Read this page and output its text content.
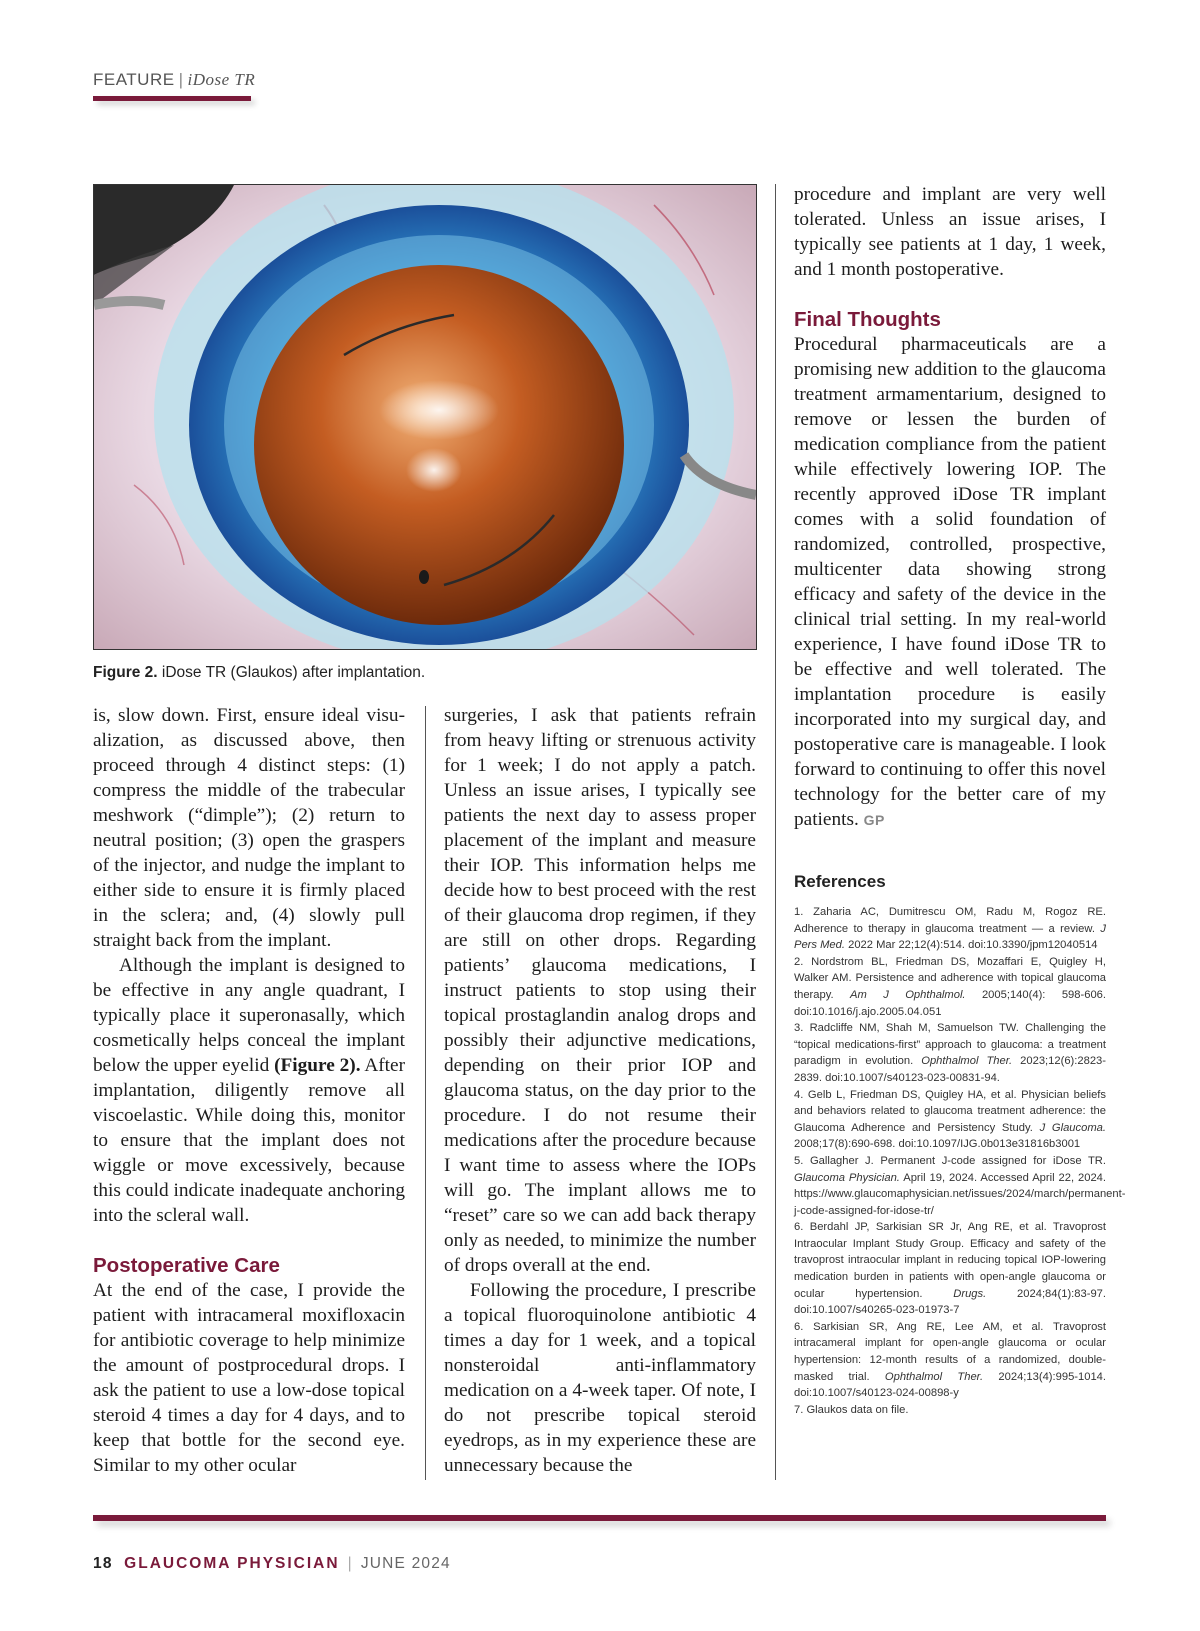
FEATURE | iDose TR
Figure 2. iDose TR (Glaukos) after implantation.

is, slow down. First, ensure ideal visualization, as discussed above, then proceed through 4 distinct steps: (1) compress the middle of the trabecular meshwork (“dimple”); (2) return to neutral position; (3) open the graspers of the injector, and nudge the implant to either side to ensure it is firmly placed in the sclera; and, (4) slowly pull straight back from the implant.

Although the implant is designed to be effective in any angle quadrant, I typically place it superonasally, which cosmetically helps conceal the implant below the upper eyelid (Figure 2). After implantation, diligently remove all viscoelastic. While doing this, monitor to ensure that the implant does not wiggle or move excessively, because this could indicate inadequate anchoring into the scleral wall.

Postoperative Care

At the end of the case, I provide the patient with intracameral moxifloxacin for antibiotic coverage to help minimize the amount of postprocedural drops. I ask the patient to use a low-dose topical steroid 4 times a day for 4 days, and to keep that bottle for the second eye. Similar to my other ocular

surgeries, I ask that patients refrain from heavy lifting or strenuous activity for 1 week; I do not apply a patch. Unless an issue arises, I typically see patients the next day to assess proper placement of the implant and measure their IOP. This information helps me decide how to best proceed with the rest of their glaucoma drop regimen, if they are still on other drops. Regarding patients’ glaucoma medications, I instruct patients to stop using their topical prostaglandin analog drops and possibly their adjunctive medications, depending on their prior IOP and glaucoma status, on the day prior to the procedure. I do not resume their medications after the procedure because I want time to assess where the IOPs will go. The implant allows me to “reset” care so we can add back therapy only as needed, to minimize the number of drops overall at the end.

Following the procedure, I prescribe a topical fluoroquinolone antibiotic 4 times a day for 1 week, and a topical nonsteroidal anti-inflammatory medication on a 4-week taper. Of note, I do not prescribe topical steroid eyedrops, as in my experience these are unnecessary because the

procedure and implant are very well tolerated. Unless an issue arises, I typically see patients at 1 day, 1 week, and 1 month postoperative.

Final Thoughts

Procedural pharmaceuticals are a promising new addition to the glaucoma treatment armamentarium, designed to remove or lessen the burden of medication compliance from the patient while effectively lowering IOP. The recently approved iDose TR implant comes with a solid foundation of randomized, controlled, prospective, multicenter data showing strong efficacy and safety of the device in the clinical trial setting. In my real-world experience, I have found iDose TR to be effective and well tolerated. The implantation procedure is easily incorporated into my surgical day, and postoperative care is manageable. I look forward to continuing to offer this novel technology for the better care of my patients. GP

References

1. Zaharia AC, Dumitrescu OM, Radu M, Rogoz RE. Adherence to therapy in glaucoma treatment — a review. J Pers Med. 2022 Mar 22;12(4):514. doi:10.3390/jpm12040514

2. Nordstrom BL, Friedman DS, Mozaffari E, Quigley H, Walker AM. Persistence and adherence with topical glaucoma therapy. Am J Ophthalmol. 2005;140(4): 598-606. doi:10.1016/j.ajo.2005.04.051

3. Radcliffe NM, Shah M, Samuelson TW. Challenging the “topical medications-first” approach to glaucoma: a treatment paradigm in evolution. Ophthalmol Ther. 2023;12(6):2823-2839. doi:10.1007/s40123-023-00831-94.

4. Gelb L, Friedman DS, Quigley HA, et al. Physician beliefs and behaviors related to glaucoma treatment adherence: the Glaucoma Adherence and Persistency Study. J Glaucoma. 2008;17(8):690-698. doi:10.1097/IJG.0b013e31816b3001

5. Gallagher J. Permanent J-code assigned for iDose TR. Glaucoma Physician. April 19, 2024. Accessed April 22, 2024. https://www.glaucomaphysician.net/issues/2024/march/permanent-j-code-assigned-for-idose-tr/

6. Berdahl JP, Sarkisian SR Jr, Ang RE, et al. Travoprost Intraocular Implant Study Group. Efficacy and safety of the travoprost intraocular implant in reducing topical IOP-lowering medication burden in patients with open-angle glaucoma or ocular hypertension. Drugs. 2024;84(1):83-97. doi:10.1007/s40265-023-01973-7

6. Sarkisian SR, Ang RE, Lee AM, et al. Travoprost intracameral implant for open-angle glaucoma or ocular hypertension: 12-month results of a randomized, double-masked trial. Ophthalmol Ther. 2024;13(4):995-1014. doi:10.1007/s40123-024-00898-y

7. Glaukos data on file.

18 GLAUCOMA PHYSICIAN | JUNE 2024
